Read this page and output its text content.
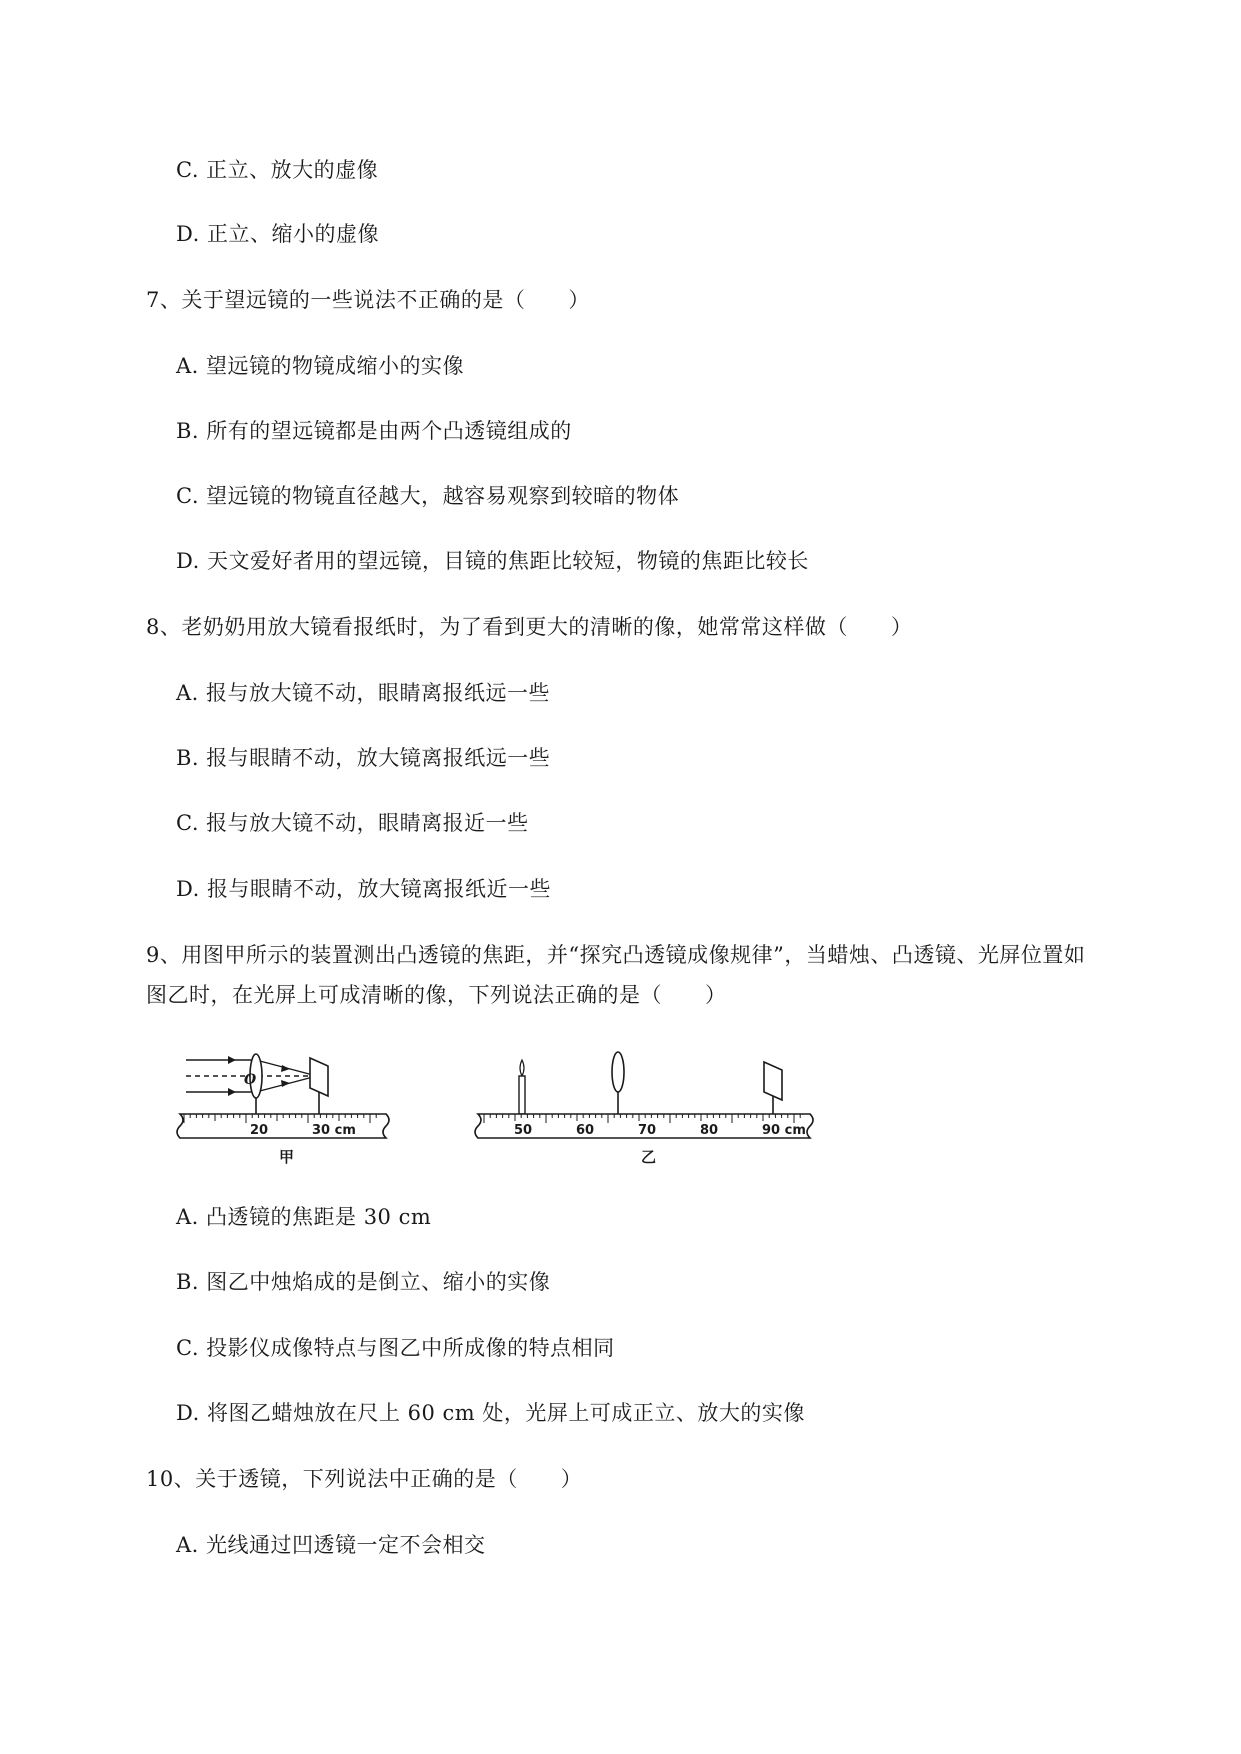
C. 正立、放大的虚像
D. 正立、缩小的虚像
7、关于望远镜的一些说法不正确的是（　　）
A. 望远镜的物镜成缩小的实像
B. 所有的望远镜都是由两个凸透镜组成的
C. 望远镜的物镜直径越大，越容易观察到较暗的物体
D. 天文爱好者用的望远镜，目镜的焦距比较短，物镜的焦距比较长
8、老奶奶用放大镜看报纸时，为了看到更大的清晰的像，她常常这样做（　　）
A. 报与放大镜不动，眼睛离报纸远一些
B. 报与眼睛不动，放大镜离报纸远一些
C. 报与放大镜不动，眼睛离报近一些
D. 报与眼睛不动，放大镜离报纸近一些
9、用图甲所示的装置测出凸透镜的焦距，并“探究凸透镜成像规律”，当蜡烛、凸透镜、光屏位置如
图乙时，在光屏上可成清晰的像，下列说法正确的是（　　）
O
20	30 cm
甲
50	60	70	80	90 cm
乙
A. 凸透镜的焦距是 30 cm
B. 图乙中烛焰成的是倒立、缩小的实像
C. 投影仪成像特点与图乙中所成像的特点相同
D. 将图乙蜡烛放在尺上 60 cm 处，光屏上可成正立、放大的实像
10、关于透镜，下列说法中正确的是（　　）
A. 光线通过凹透镜一定不会相交
